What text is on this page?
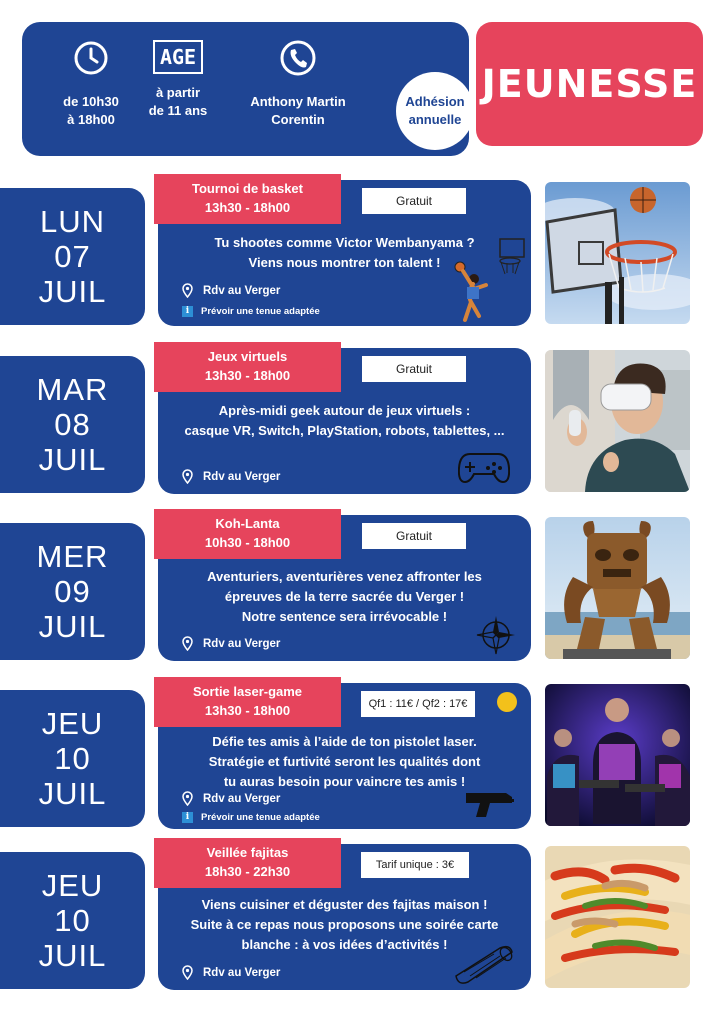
de 10h30
à 18h00
AGE
à partir
de 11 ans
Anthony Martin
Corentin
Adhésion
annuelle
JEUNESSE
LUN
07
JUIL
Tournoi de basket
13h30 - 18h00	Gratuit
Tu shootes comme Victor Wembanyama ?
Viens nous montrer ton talent !
Rdv au Verger
i	Prévoir une tenue adaptée
MAR
08
JUIL
Jeux virtuels
13h30 - 18h00	Gratuit
Après-midi geek autour de jeux virtuels :
casque VR, Switch, PlayStation, robots, tablettes, ...
Rdv au Verger
MER
09
JUIL
Koh-Lanta
10h30 - 18h00	Gratuit
Aventuriers, aventurières venez affronter les
épreuves de la terre sacrée du Verger !
Notre sentence sera irrévocable !
Rdv au Verger
JEU
10
JUIL
Sortie laser-game
13h30 - 18h00	Qf1 : 11€ / Qf2 : 17€
Défie tes amis à l’aide de ton pistolet laser.
Stratégie et furtivité seront les qualités dont
tu auras besoin pour vaincre tes amis !
Rdv au Verger
i	Prévoir une tenue adaptée
JEU
10
JUIL
Veillée fajitas
18h30 - 22h30	Tarif unique : 3€
Viens cuisiner et déguster des fajitas maison !
Suite à ce repas nous proposons une soirée carte
blanche : à vos idées d’activités !
Rdv au Verger
